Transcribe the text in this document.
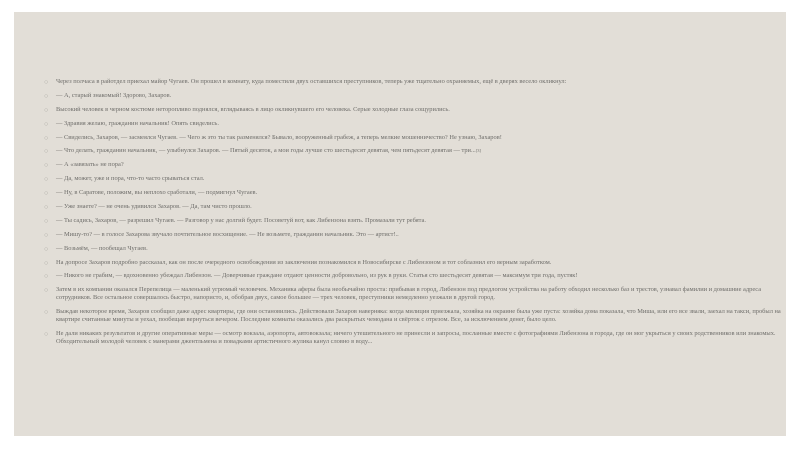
○ Через полчаса в райотдел приехал майор Чугаев. Он прошел в комнату, куда поместили двух оставшихся преступников, теперь уже тщательно охраняемых, ещё в дверях весело окликнул:
○ — А, старый знакомый! Здорово, Захаров.
○ Высокий человек в черном костюме неторопливо поднялся, вглядываясь в лицо окликнувшего его человека. Серые холодные глаза сощурились.
○ — Здравия желаю, гражданин начальник! Опять свиделись.
○ — Свиделись, Захаров, — засмеялся Чугаев. — Чего ж это ты так разменялся? Бывало, вооруженный грабеж, а теперь мелкие мошенничество? Не узнаю, Захаров!
○ — Что делать, гражданин начальник, — улыбнулся Захаров. — Пятый десяток, а мои годы лучше сто шестьдесят девятая, чем пятьдесят девятая — три...[3]
○ — А «завязать» не пора?
○ — Да, может, уже и пора, что-то часто срываться стал.
○ — Ну, в Саратове, положим, вы неплохо сработали, — подмигнул Чугаев.
○ — Уже знаете? — не очень удивился Захаров. — Да, там чисто прошло.
○ — Ты садись, Захаров, — разрешил Чугаев. — Разговор у нас долгий будет. Посоветуй вот, как Либензона взять. Промазали тут ребята.
○ — Мишу-то? — в голосе Захарова звучало почтительное восхищение. — Не возьмете, гражданин начальник. Это — артист!..
○ — Возьмём, — пообещал Чугаев.
○ На допросе Захаров подробно рассказал, как он после очередного освобождения из заключения познакомился в Новосибирске с Либензоном и тот соблазнил его верным заработком.
○ — Никого не грабим, — вдохновенно убеждал Либензон. — Доверчивые граждане отдают ценности добровольно, из рук в руки. Статья сто шестьдесят девятая — максимум три года, пустяк!
○ Затем в их компании оказался Перепелица — маленький угрюмый человечек. Механика аферы была необычайно проста: прибывая в город, Либензон под предлогом устройства на работу обходил несколько баз и трестов, узнавал фамилии и домашние адреса сотрудников. Все остальное совершалось быстро, напористо, и, обобрав двух, самое большее — трех человек, преступники немедленно уезжали в другой город.
○ Выждав некоторое время, Захаров сообщил даже адрес квартиры, где они остановились. Действовали Захаров наверняка: когда милиция приезжала, хозяйка на окраине была уже пуста: хозяйка дома показала, что Миша, или его все звали, заехал на такси, пробыл на квартире считанные минуты и уехал, пообещав вернуться вечером. Последние комнаты оказались два раскрытых чемодана и свёрток с отрезом. Все, за исключением денег, было цело.
○ Не дали никаких результатов и другие оперативные меры — осмотр вокзала, аэропорта, автовокзала; ничего утешительного не принесли и запросы, посланные вместе с фотографиями Либензона в города, где он мог укрыться у своих родственников или знакомых. Обходительный молодой человек с манерами джентльмена и повадками артистичного жулика канул словно в воду...
